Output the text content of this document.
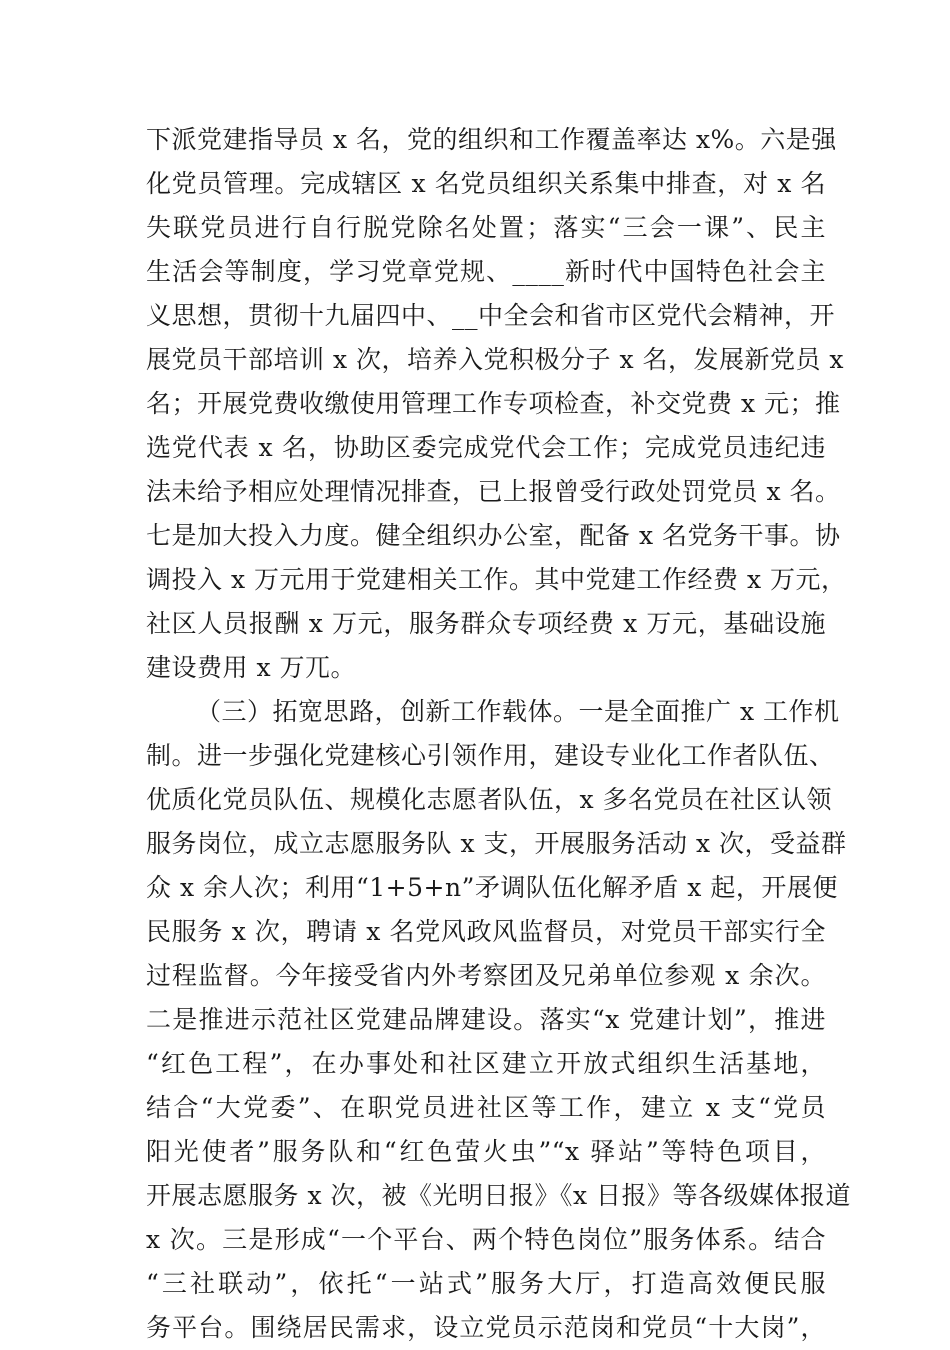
下派党建指导员 x 名，党的组织和工作覆盖率达 x%。六是强
化党员管理。完成辖区 x 名党员组织关系集中排查，对 x 名
失联党员进行自行脱党除名处置；落实“三会一课”、民主
生活会等制度，学习党章党规、____新时代中国特色社会主
义思想，贯彻十九届四中、__中全会和省市区党代会精神，开
展党员干部培训 x 次，培养入党积极分子 x 名，发展新党员 x
名；开展党费收缴使用管理工作专项检查，补交党费 x 元；推
选党代表 x 名，协助区委完成党代会工作；完成党员违纪违
法未给予相应处理情况排查，已上报曾受行政处罚党员 x 名。
七是加大投入力度。健全组织办公室，配备 x 名党务干事。协
调投入 x 万元用于党建相关工作。其中党建工作经费 x 万元，
社区人员报酬 x 万元，服务群众专项经费 x 万元，基础设施
建设费用 x 万兀。
（三）拓宽思路，创新工作载体。一是全面推广 x 工作机
制。进一步强化党建核心引领作用，建设专业化工作者队伍、
优质化党员队伍、规模化志愿者队伍，x 多名党员在社区认领
服务岗位，成立志愿服务队 x 支，开展服务活动 x 次，受益群
众 x 余人次；利用“1+5+n”矛调队伍化解矛盾 x 起，开展便
民服务 x 次，聘请 x 名党风政风监督员，对党员干部实行全
过程监督。今年接受省内外考察团及兄弟单位参观 x 余次。
二是推进示范社区党建品牌建设。落实“x 党建计划”，推进
“红色工程”，在办事处和社区建立开放式组织生活基地，
结合“大党委”、在职党员进社区等工作，建立 x 支“党员
阳光使者”服务队和“红色萤火虫”“x 驿站”等特色项目，
开展志愿服务 x 次，被《光明日报》《x 日报》等各级媒体报道
x 次。三是形成“一个平台、两个特色岗位”服务体系。结合
“三社联动”，依托“一站式”服务大厅，打造高效便民服
务平台。围绕居民需求，设立党员示范岗和党员“十大岗”，
